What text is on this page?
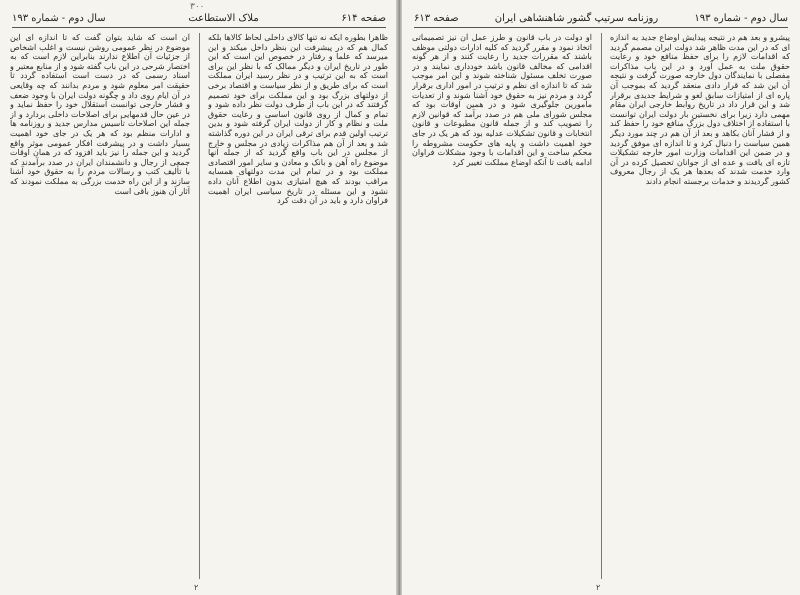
۳۰۰
صفحه ۶۱۴
ملاک الاستطاعت
سال دوم - شماره ۱۹۳

ظاهرا بطوره ایکه نه تنها کالای داخلی لحاظ کالاها بلکه کمال هم که در پیشرفت این بنظر داخل میکند و این میرسد که علما و رفتار در خصوص این است که این طور در تاریخ ایران و دیگر ممالک که با نظر این برای است که به این ترتیب و در نظر رسید ایران مملکت است که برای طریق و از نظر سیاست و اقتصاد برخی از دولتهای بزرگ بود و این مملکت برای خود تصمیم گرفتند که در این باب از طرف دولت نظر داده شود و تمام و کمال از روی قانون اساسی و رعایت حقوق ملت و نظام و کار از دولت ایران گرفته شود و بدین ترتیب اولین قدم برای ترقی ایران در این دوره گذاشته شد و بعد از آن هم مذاکرات زیادی در مجلس و خارج از مجلس در این باب واقع گردید که از جمله آنها موضوع راه آهن و بانک و معادن و سایر امور اقتصادی مملکت بود و در تمام این مدت دولتهای همسایه مراقب بودند که هیچ امتیازی بدون اطلاع آنان داده نشود و این مسئله در تاریخ سیاسی ایران اهمیت فراوان دارد و باید در آن دقت کرد

آن است که شاید بتوان گفت که تا اندازه ای این موضوع در نظر عمومی روشن نیست و اغلب اشخاص از جزئیات آن اطلاع ندارند بنابراین لازم است که به اختصار شرحی در این باب گفته شود و از منابع معتبر و اسناد رسمی که در دست است استفاده گردد تا حقیقت امر معلوم شود و مردم بدانند که چه وقایعی در آن ایام روی داد و چگونه دولت ایران با وجود ضعف و فشار خارجی توانست استقلال خود را حفظ نماید و در عین حال قدمهایی برای اصلاحات داخلی بردارد و از جمله این اصلاحات تأسیس مدارس جدید و روزنامه ها و ادارات منظم بود که هر یک در جای خود اهمیت بسیار داشت و در پیشرفت افکار عمومی موثر واقع گردید و این جمله را نیز باید افزود که در همان اوقات جمعی از رجال و دانشمندان ایران در صدد برآمدند که با تألیف کتب و رسالات مردم را به حقوق خود آشنا سازند و از این راه خدمت بزرگی به مملکت نمودند که آثار آن هنوز باقی است

۲
سال دوم - شماره ۱۹۳
روزنامه سرتیپ گشور شاهنشاهی ایران
صفحه ۶۱۳

پیشرو و بعد هم در نتیجه پیدایش اوضاع جدید به اندازه ای که در این مدت ظاهر شد دولت ایران مصمم گردید که اقدامات لازم را برای حفظ منافع خود و رعایت حقوق ملت به عمل آورد و در این باب مذاکرات مفصلی با نمایندگان دول خارجه صورت گرفت و نتیجه آن این شد که قرار دادی منعقد گردید که بموجب آن پاره ای از امتیازات سابق لغو و شرایط جدیدی برقرار شد و این قرار داد در تاریخ روابط خارجی ایران مقام مهمی دارد زیرا برای نخستین بار دولت ایران توانست با استفاده از اختلاف دول بزرگ منافع خود را حفظ کند و از فشار آنان بکاهد و بعد از آن هم در چند مورد دیگر همین سیاست را دنبال کرد و تا اندازه ای موفق گردید و در ضمن این اقدامات وزارت امور خارجه تشکیلات تازه ای یافت و عده ای از جوانان تحصیل کرده در آن وارد خدمت شدند که بعدها هر یک از رجال معروف کشور گردیدند و خدمات برجسته انجام دادند

او دولت در باب قانون و طرز عمل آن نیز تصمیماتی اتخاذ نمود و مقرر گردید که کلیه ادارات دولتی موظف باشند که مقررات جدید را رعایت کنند و از هر گونه اقدامی که مخالف قانون باشد خودداری نمایند و در صورت تخلف مسئول شناخته شوند و این امر موجب شد که تا اندازه ای نظم و ترتیب در امور اداری برقرار گردد و مردم نیز به حقوق خود آشنا شوند و از تعدیات مأمورین جلوگیری شود و در همین اوقات بود که مجلس شورای ملی هم در صدد برآمد که قوانین لازم را تصویب کند و از جمله قانون مطبوعات و قانون انتخابات و قانون تشکیلات عدلیه بود که هر یک در جای خود اهمیت داشت و پایه های حکومت مشروطه را محکم ساخت و این اقدامات با وجود مشکلات فراوان ادامه یافت تا آنکه اوضاع مملکت تغییر کرد

۲
